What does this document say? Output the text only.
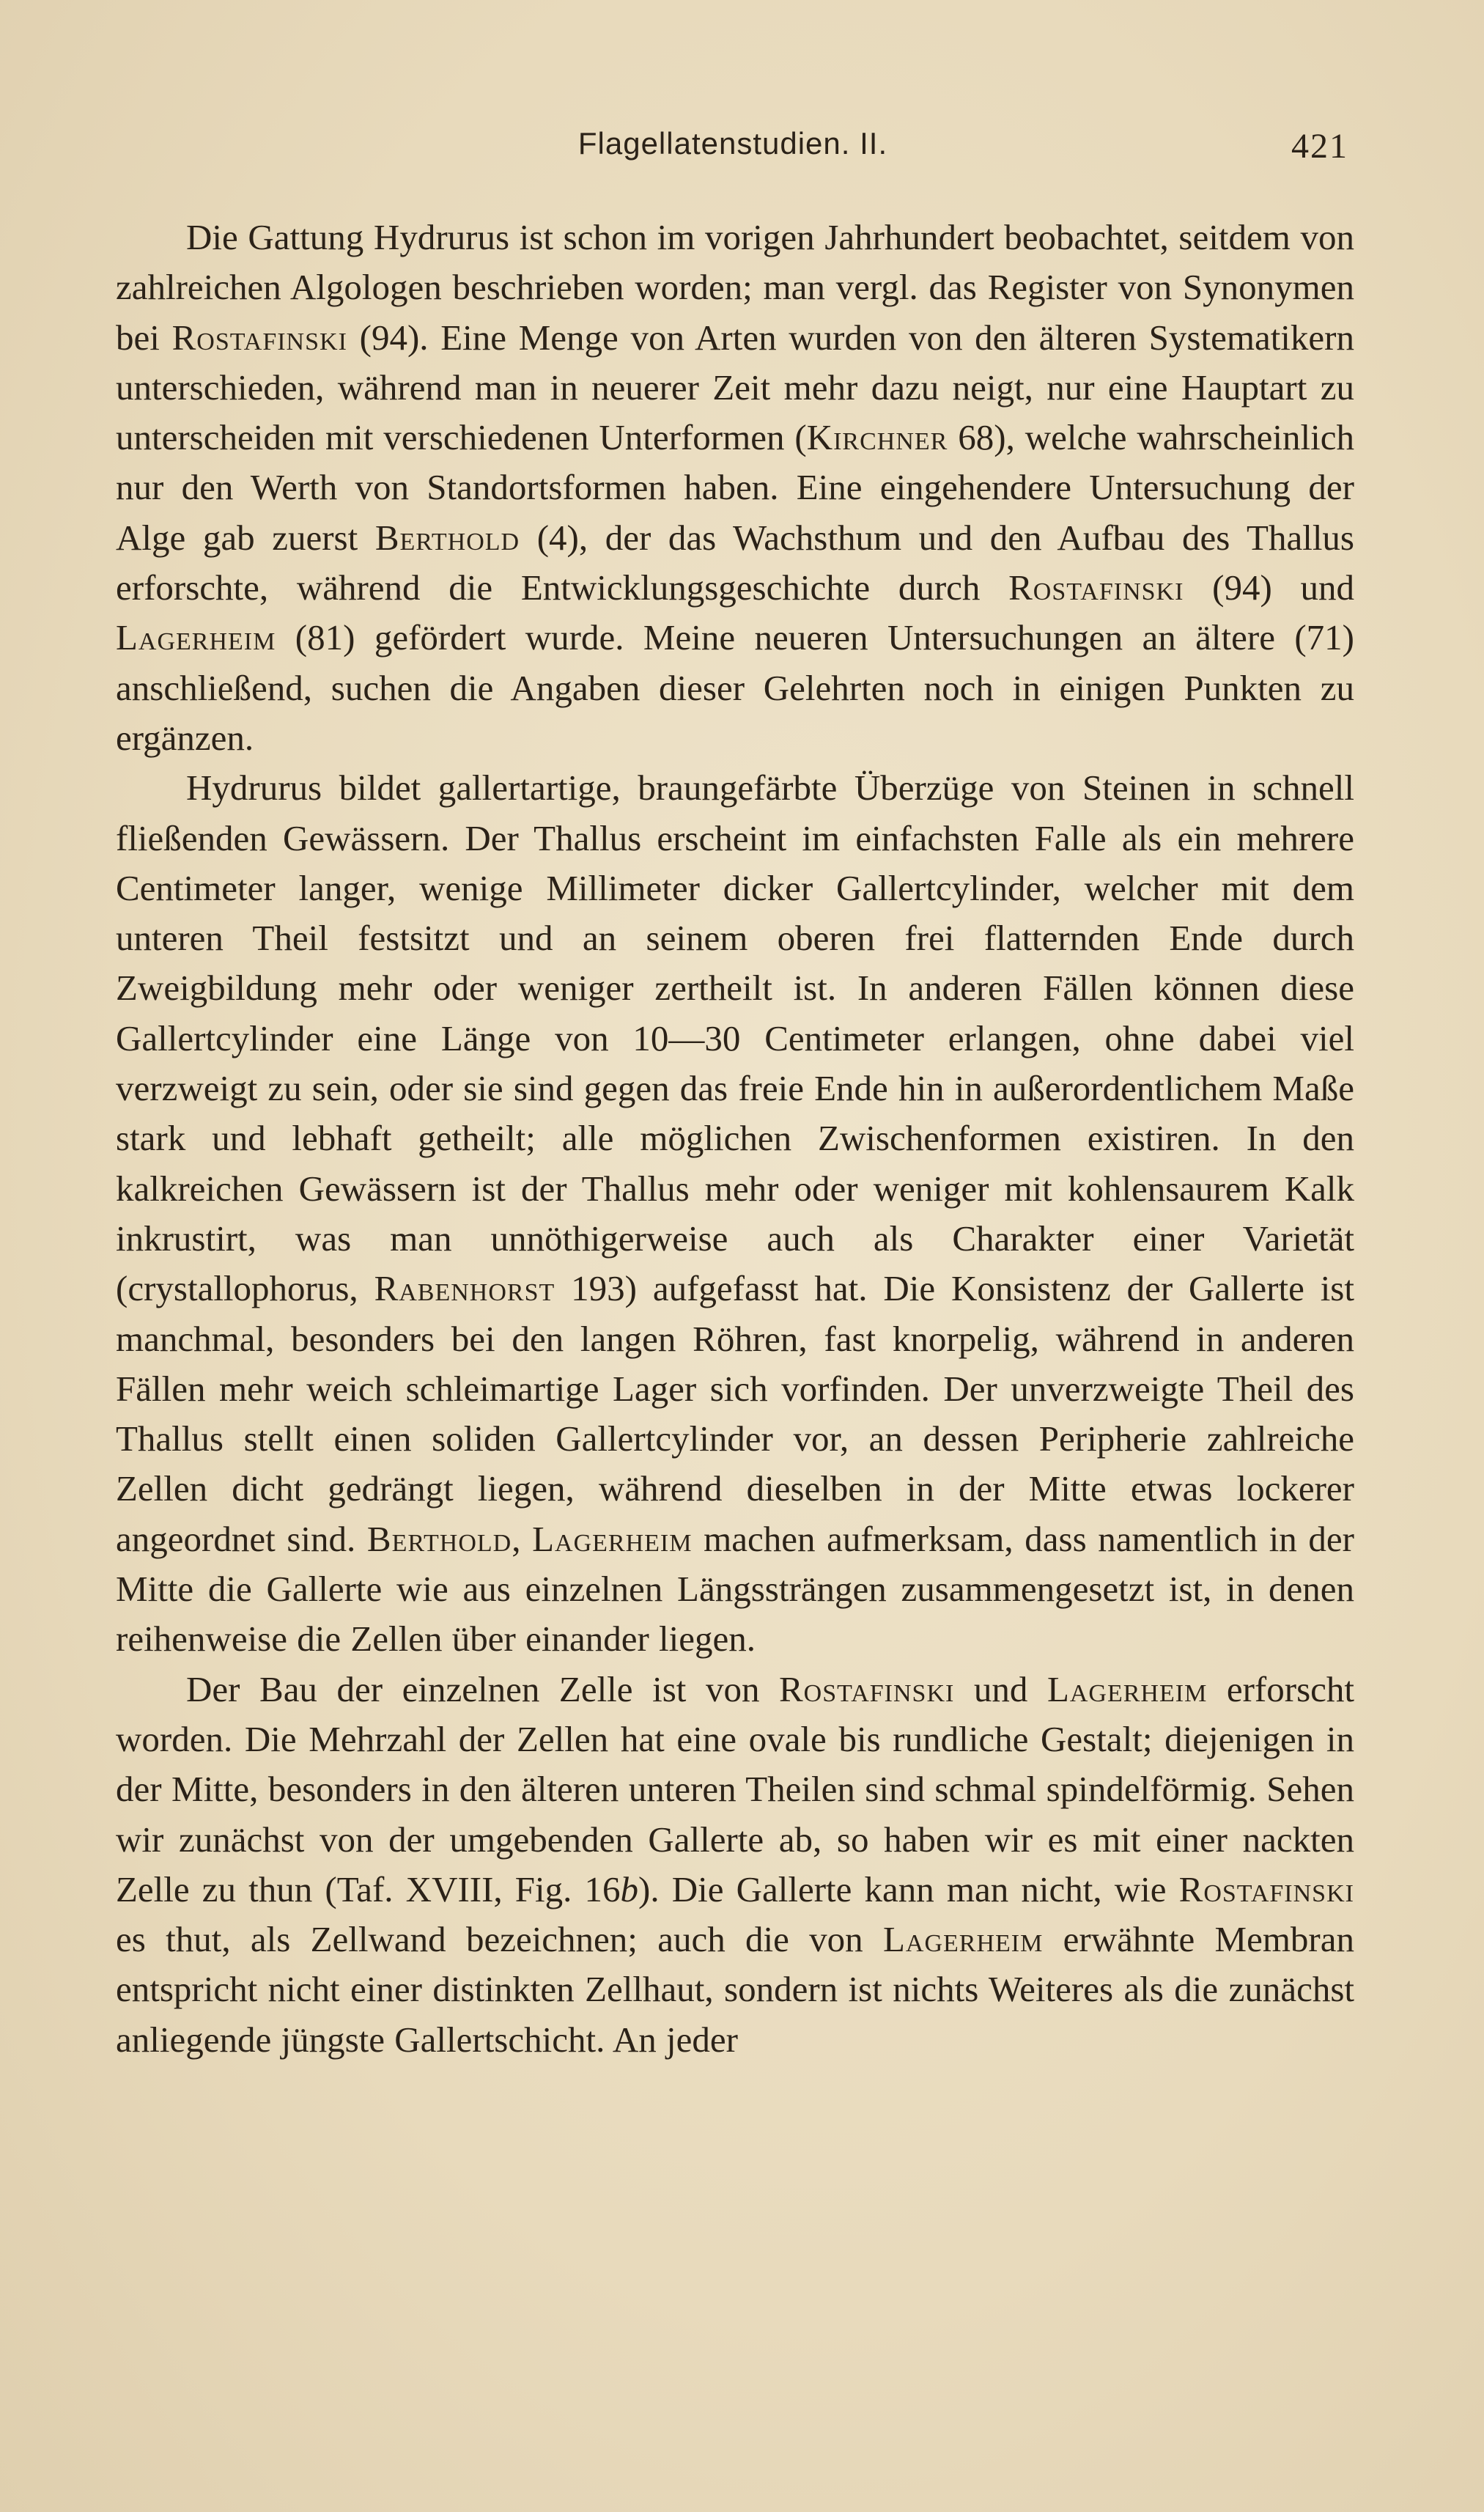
Flagellatenstudien. II.	421

Die Gattung Hydrurus ist schon im vorigen Jahrhundert beobachtet, seitdem von zahlreichen Algologen beschrieben worden; man vergl. das Register von Synonymen bei Rostafinski (94). Eine Menge von Arten wurden von den älteren Systematikern unterschieden, während man in neuerer Zeit mehr dazu neigt, nur eine Hauptart zu unterscheiden mit verschiedenen Unterformen (Kirchner 68), welche wahrscheinlich nur den Werth von Standortsformen haben. Eine eingehendere Untersuchung der Alge gab zuerst Berthold (4), der das Wachsthum und den Aufbau des Thallus erforschte, während die Entwicklungsgeschichte durch Rostafinski (94) und Lagerheim (81) gefördert wurde. Meine neueren Untersuchungen an ältere (71) anschließend, suchen die Angaben dieser Gelehrten noch in einigen Punkten zu ergänzen.

Hydrurus bildet gallertartige, braungefärbte Überzüge von Steinen in schnell fließenden Gewässern. Der Thallus erscheint im einfachsten Falle als ein mehrere Centimeter langer, wenige Millimeter dicker Gallertcylinder, welcher mit dem unteren Theil festsitzt und an seinem oberen frei flatternden Ende durch Zweigbildung mehr oder weniger zertheilt ist. In anderen Fällen können diese Gallertcylinder eine Länge von 10—30 Centimeter erlangen, ohne dabei viel verzweigt zu sein, oder sie sind gegen das freie Ende hin in außerordentlichem Maße stark und lebhaft getheilt; alle möglichen Zwischenformen existiren. In den kalkreichen Gewässern ist der Thallus mehr oder weniger mit kohlensaurem Kalk inkrustirt, was man unnöthigerweise auch als Charakter einer Varietät (crystallophorus, Rabenhorst 193) aufgefasst hat. Die Konsistenz der Gallerte ist manchmal, besonders bei den langen Röhren, fast knorpelig, während in anderen Fällen mehr weich schleimartige Lager sich vorfinden. Der unverzweigte Theil des Thallus stellt einen soliden Gallertcylinder vor, an dessen Peripherie zahlreiche Zellen dicht gedrängt liegen, während dieselben in der Mitte etwas lockerer angeordnet sind. Berthold, Lagerheim machen aufmerksam, dass namentlich in der Mitte die Gallerte wie aus einzelnen Längssträngen zusammengesetzt ist, in denen reihenweise die Zellen über einander liegen.

Der Bau der einzelnen Zelle ist von Rostafinski und Lagerheim erforscht worden. Die Mehrzahl der Zellen hat eine ovale bis rundliche Gestalt; diejenigen in der Mitte, besonders in den älteren unteren Theilen sind schmal spindelförmig. Sehen wir zunächst von der umgebenden Gallerte ab, so haben wir es mit einer nackten Zelle zu thun (Taf. XVIII, Fig. 16b). Die Gallerte kann man nicht, wie Rostafinski es thut, als Zellwand bezeichnen; auch die von Lagerheim erwähnte Membran entspricht nicht einer distinkten Zellhaut, sondern ist nichts Weiteres als die zunächst anliegende jüngste Gallertschicht. An jeder
